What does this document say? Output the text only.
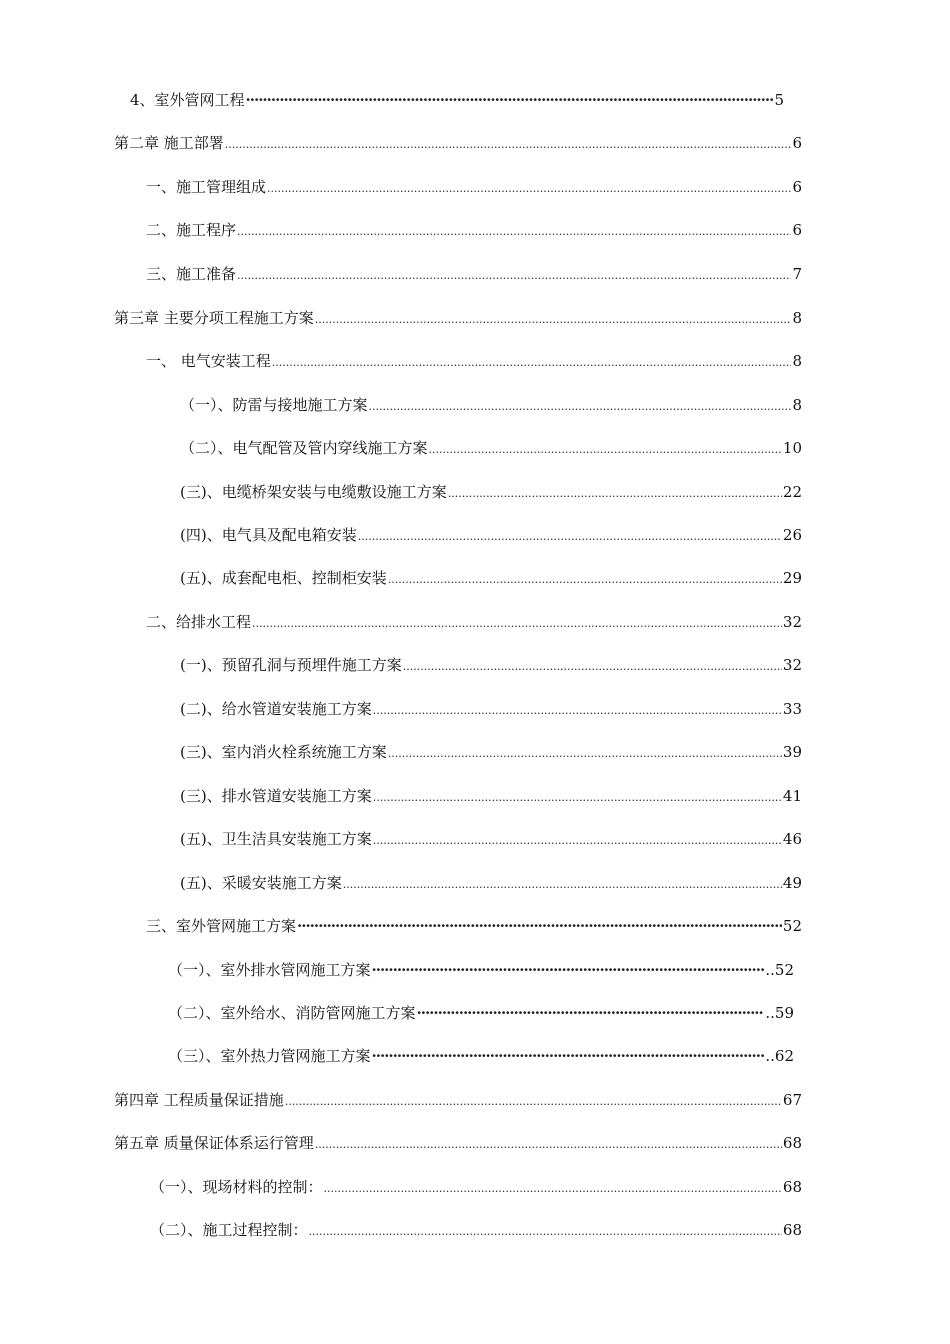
4、室外管网工程 ·····	5
第二章 施工部署 .....	6
一、施工管理组成 .....	6
二、施工程序 .....	6
三、施工准备 .....	7
第三章 主要分项工程施工方案 .....	8
一、 电气安装工程 .....	8
（一）、防雷与接地施工方案 .....	8
（二）、电气配管及管内穿线施工方案 .....	10
(三)、电缆桥架安装与电缆敷设施工方案 .....	22
(四)、电气具及配电箱安装 .....	26
(五)、成套配电柜、控制柜安装 .....	29
二、给排水工程 .....	32
(一)、预留孔洞与预埋件施工方案 .....	32
(二)、给水管道安装施工方案 .....	33
(三)、室内消火栓系统施工方案 .....	39
(三)、排水管道安装施工方案 .....	41
(五)、卫生洁具安装施工方案 .....	46
(五)、采暖安装施工方案 .....	49
三、室外管网施工方案 ·····	52
（一）、室外排水管网施工方案 ·····	..52
（二）、室外给水、消防管网施工方案 ·····	..59
（三）、室外热力管网施工方案 ·····	..62
第四章 工程质量保证措施 .....	67
第五章 质量保证体系运行管理 .....	68
（一）、现场材料的控制： .....	68
（二）、施工过程控制： .....	68
